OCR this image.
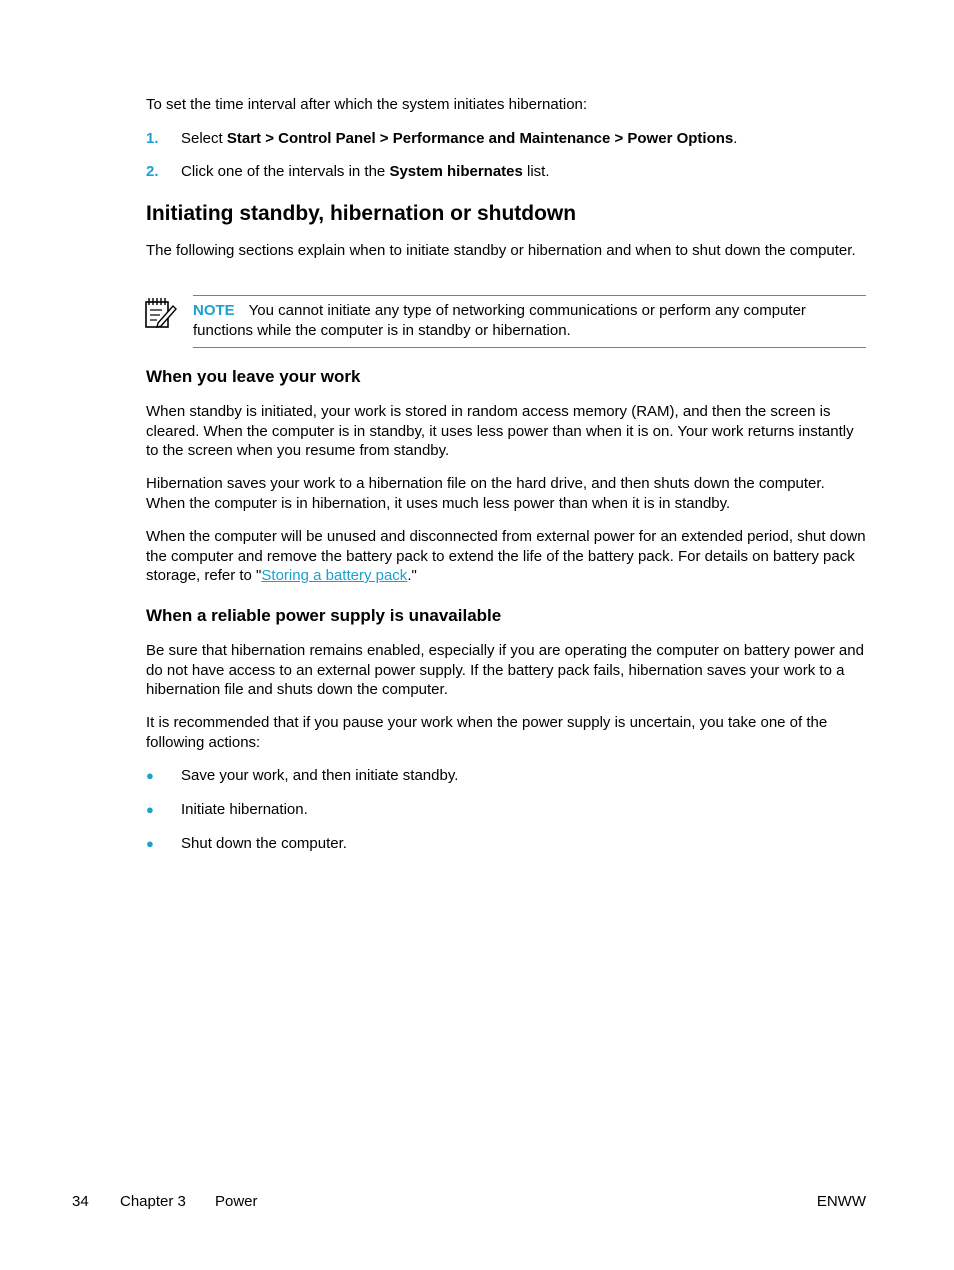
To set the time interval after which the system initiates hibernation:

1. Select Start > Control Panel > Performance and Maintenance > Power Options.

2. Click one of the intervals in the System hibernates list.

Initiating standby, hibernation or shutdown

The following sections explain when to initiate standby or hibernation and when to shut down the computer.

NOTE You cannot initiate any type of networking communications or perform any computer functions while the computer is in standby or hibernation.

When you leave your work

When standby is initiated, your work is stored in random access memory (RAM), and then the screen is cleared. When the computer is in standby, it uses less power than when it is on. Your work returns instantly to the screen when you resume from standby.

Hibernation saves your work to a hibernation file on the hard drive, and then shuts down the computer. When the computer is in hibernation, it uses much less power than when it is in standby.

When the computer will be unused and disconnected from external power for an extended period, shut down the computer and remove the battery pack to extend the life of the battery pack. For details on battery pack storage, refer to "Storing a battery pack."

When a reliable power supply is unavailable

Be sure that hibernation remains enabled, especially if you are operating the computer on battery power and do not have access to an external power supply. If the battery pack fails, hibernation saves your work to a hibernation file and shuts down the computer.

It is recommended that if you pause your work when the power supply is uncertain, you take one of the following actions:

● Save your work, and then initiate standby.

● Initiate hibernation.

● Shut down the computer.

34 Chapter 3 Power	ENWW
